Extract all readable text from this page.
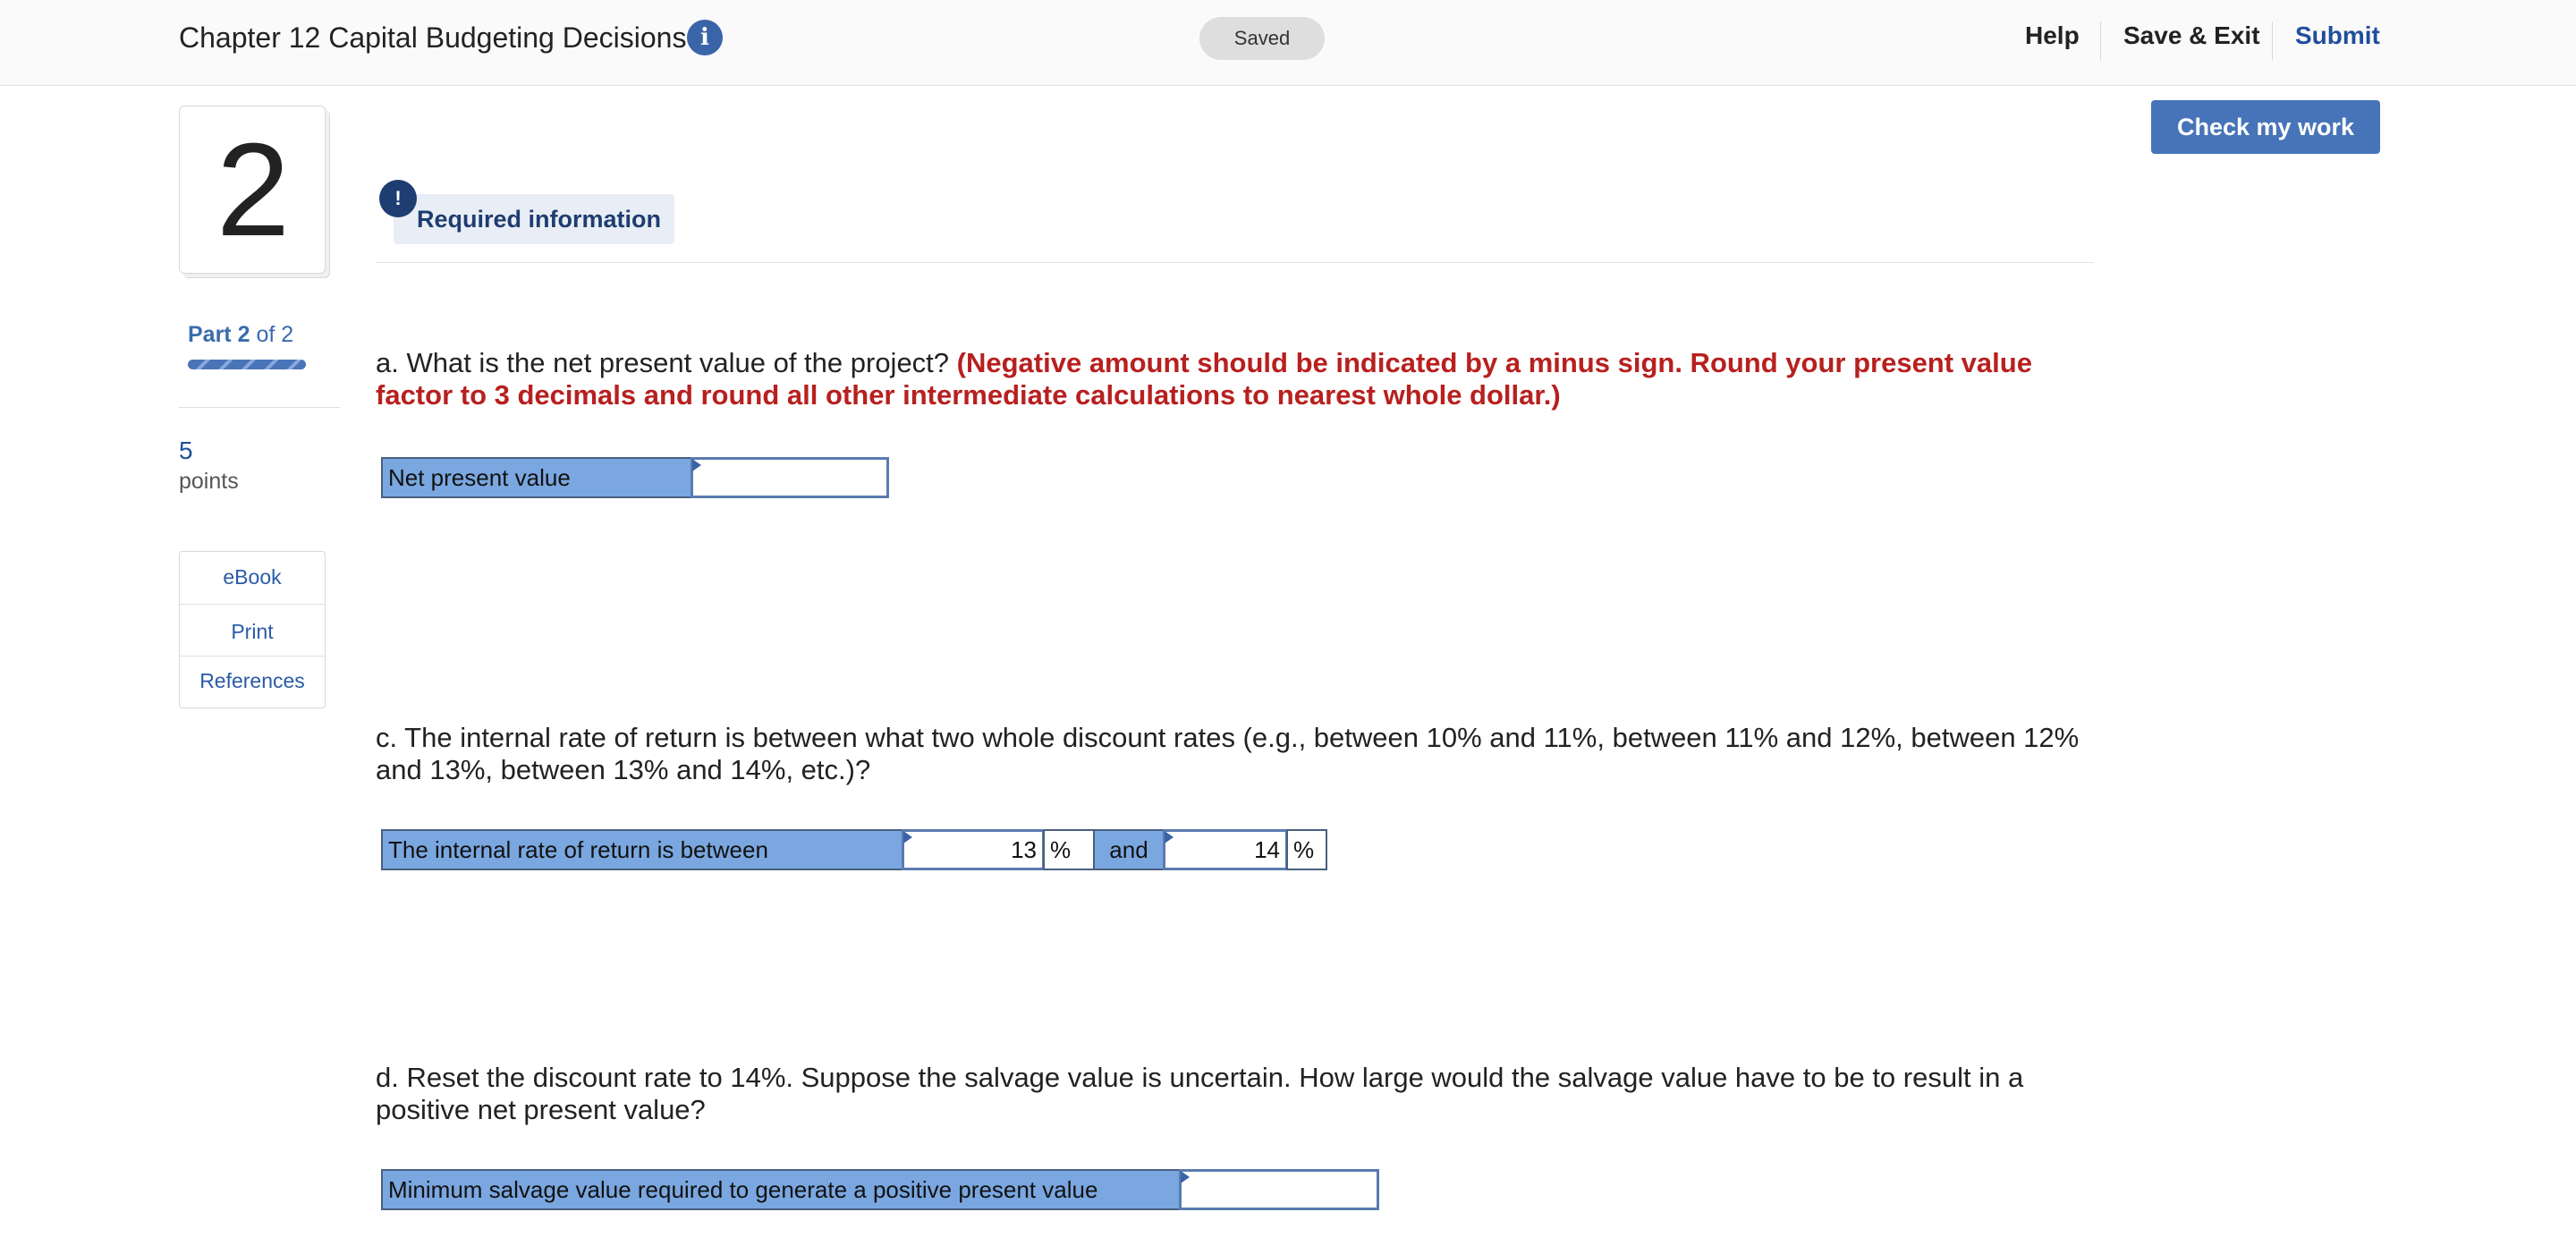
Chapter 12 Capital Budgeting Decisions i	Saved	Help Save & Exit Submit
2
Part 2 of 2
5
points
eBook
Print
References
Check my work
!
Required information
a. What is the net present value of the project? (Negative amount should be indicated by a minus sign. Round your present value factor to 3 decimals and round all other intermediate calculations to nearest whole dollar.)
Net present value
c. The internal rate of return is between what two whole discount rates (e.g., between 10% and 11%, between 11% and 12%, between 12% and 13%, between 13% and 14%, etc.)?
The internal rate of return is between	13 %	and	14 %
d. Reset the discount rate to 14%. Suppose the salvage value is uncertain. How large would the salvage value have to be to result in a positive net present value?
Minimum salvage value required to generate a positive present value
